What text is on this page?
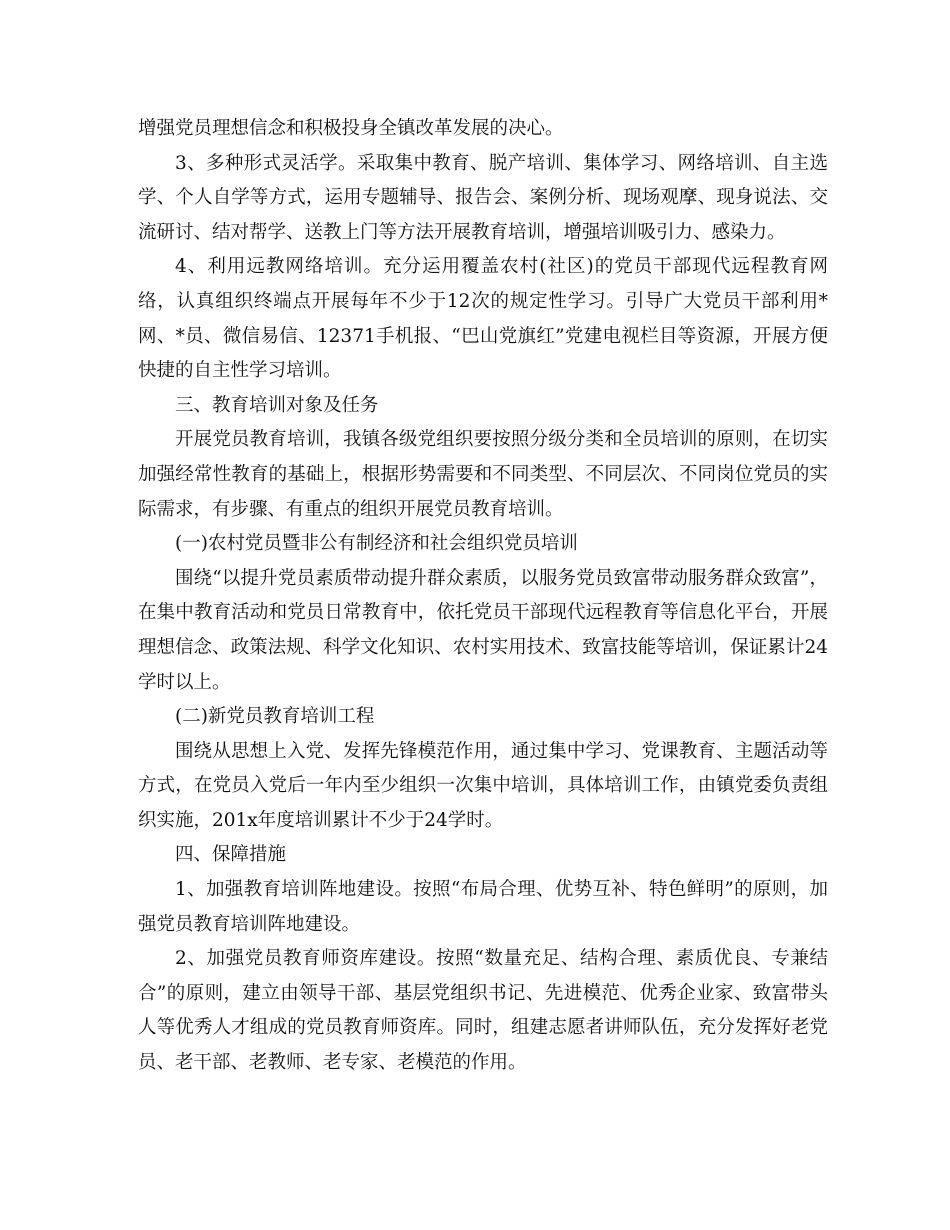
增强党员理想信念和积极投身全镇改革发展的决心。

3、多种形式灵活学。采取集中教育、脱产培训、集体学习、网络培训、自主选学、个人自学等方式，运用专题辅导、报告会、案例分析、现场观摩、现身说法、交流研讨、结对帮学、送教上门等方法开展教育培训，增强培训吸引力、感染力。

4、利用远教网络培训。充分运用覆盖农村(社区)的党员干部现代远程教育网络，认真组织终端点开展每年不少于12次的规定性学习。引导广大党员干部利用*网、*员、微信易信、12371手机报、“巴山党旗红”党建电视栏目等资源，开展方便快捷的自主性学习培训。

三、教育培训对象及任务

开展党员教育培训，我镇各级党组织要按照分级分类和全员培训的原则，在切实加强经常性教育的基础上，根据形势需要和不同类型、不同层次、不同岗位党员的实际需求，有步骤、有重点的组织开展党员教育培训。

(一)农村党员暨非公有制经济和社会组织党员培训

围绕“以提升党员素质带动提升群众素质，以服务党员致富带动服务群众致富”，在集中教育活动和党员日常教育中，依托党员干部现代远程教育等信息化平台，开展理想信念、政策法规、科学文化知识、农村实用技术、致富技能等培训，保证累计24学时以上。

(二)新党员教育培训工程

围绕从思想上入党、发挥先锋模范作用，通过集中学习、党课教育、主题活动等方式，在党员入党后一年内至少组织一次集中培训，具体培训工作，由镇党委负责组织实施，201x年度培训累计不少于24学时。

四、保障措施

1、加强教育培训阵地建设。按照“布局合理、优势互补、特色鲜明”的原则，加强党员教育培训阵地建设。

2、加强党员教育师资库建设。按照“数量充足、结构合理、素质优良、专兼结合”的原则，建立由领导干部、基层党组织书记、先进模范、优秀企业家、致富带头人等优秀人才组成的党员教育师资库。同时，组建志愿者讲师队伍，充分发挥好老党员、老干部、老教师、老专家、老模范的作用。
